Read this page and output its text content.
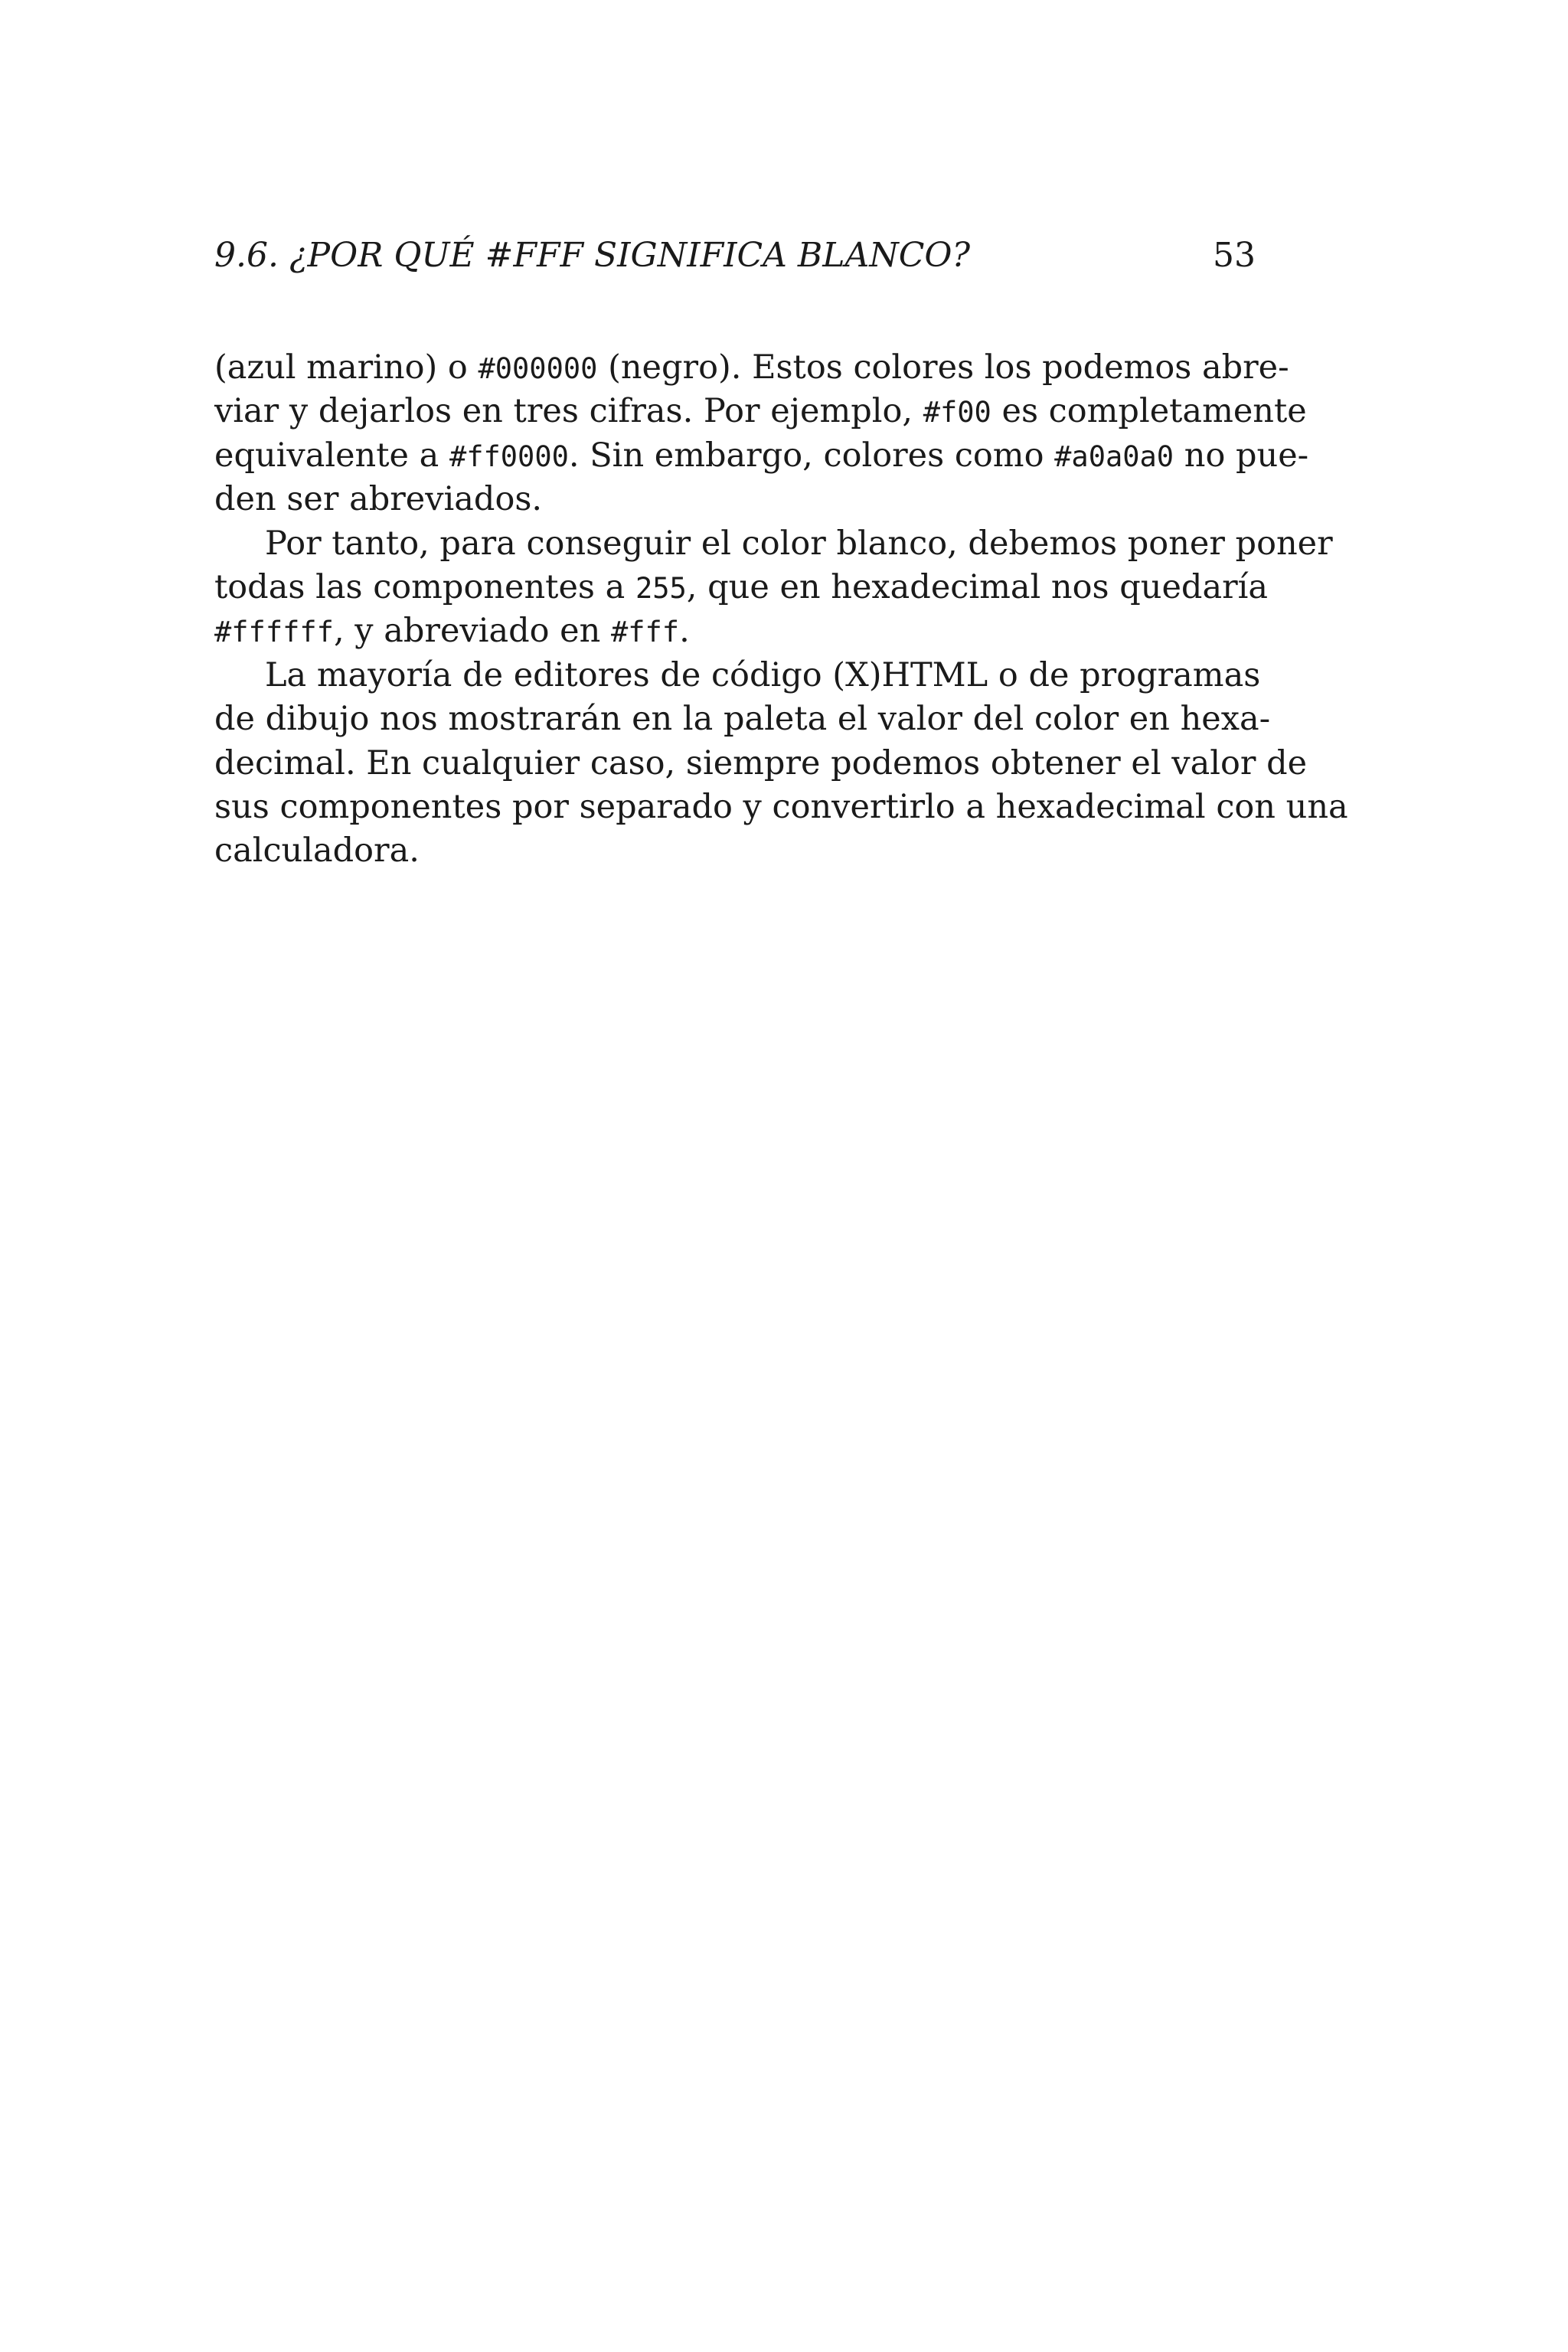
9.6. ¿POR QUÉ #FFF SIGNIFICA BLANCO?	53
(azul marino) o #000000 (negro). Estos colores los podemos abre-
viar y dejarlos en tres cifras. Por ejemplo, #f00 es completamente
equivalente a #ff0000. Sin embargo, colores como #a0a0a0 no pue-
den ser abreviados.
Por tanto, para conseguir el color blanco, debemos poner poner
todas las componentes a 255, que en hexadecimal nos quedaría
#ffffff, y abreviado en #fff.
La mayoría de editores de código (X)HTML o de programas
de dibujo nos mostrarán en la paleta el valor del color en hexa-
decimal. En cualquier caso, siempre podemos obtener el valor de
sus componentes por separado y convertirlo a hexadecimal con una
calculadora.
